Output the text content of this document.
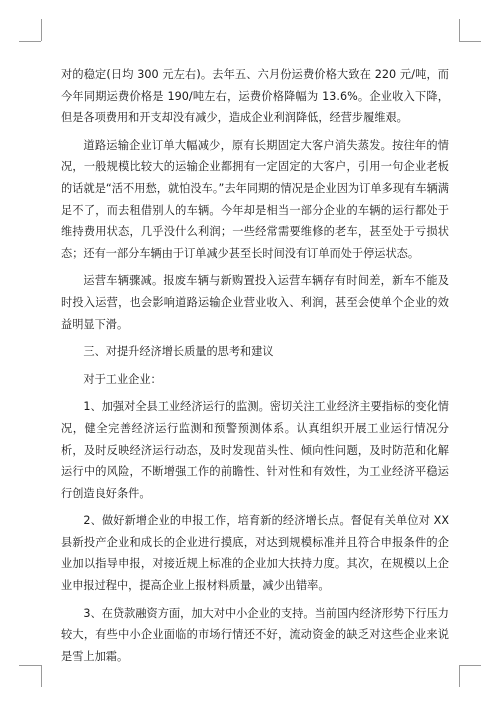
对的稳定(日均 300 元左右)。去年五、六月份运费价格大致在 220 元/吨，而今年同期运费价格是 190/吨左右，运费价格降幅为 13.6%。企业收入下降，但是各项费用和开支却没有减少，造成企业利润降低，经营步履维艰。

道路运输企业订单大幅减少，原有长期固定大客户消失蒸发。按往年的情况，一般规模比较大的运输企业都拥有一定固定的大客户，引用一句企业老板的话就是“活不用愁，就怕没车。”去年同期的情况是企业因为订单多现有车辆满足不了，而去租借别人的车辆。今年却是相当一部分企业的车辆的运行都处于维持费用状态，几乎没什么利润；一些经常需要维修的老车，甚至处于亏损状态；还有一部分车辆由于订单减少甚至长时间没有订单而处于停运状态。

运营车辆骤减。报废车辆与新购置投入运营车辆存有时间差，新车不能及时投入运营，也会影响道路运输企业营业收入、利润，甚至会使单个企业的效益明显下滑。

三、对提升经济增长质量的思考和建议

对于工业企业：

1、加强对全县工业经济运行的监测。密切关注工业经济主要指标的变化情况，健全完善经济运行监测和预警预测体系。认真组织开展工业运行情况分析，及时反映经济运行动态，及时发现苗头性、倾向性问题，及时防范和化解运行中的风险，不断增强工作的前瞻性、针对性和有效性，为工业经济平稳运行创造良好条件。

2、做好新增企业的申报工作，培育新的经济增长点。督促有关单位对 XX 县新投产企业和成长的企业进行摸底，对达到规模标准并且符合申报条件的企业加以指导申报，对接近规上标准的企业加大扶持力度。其次，在规模以上企业申报过程中，提高企业上报材料质量，减少出错率。

3、在贷款融资方面，加大对中小企业的支持。当前国内经济形势下行压力较大，有些中小企业面临的市场行情还不好，流动资金的缺乏对这些企业来说是雪上加霜。
